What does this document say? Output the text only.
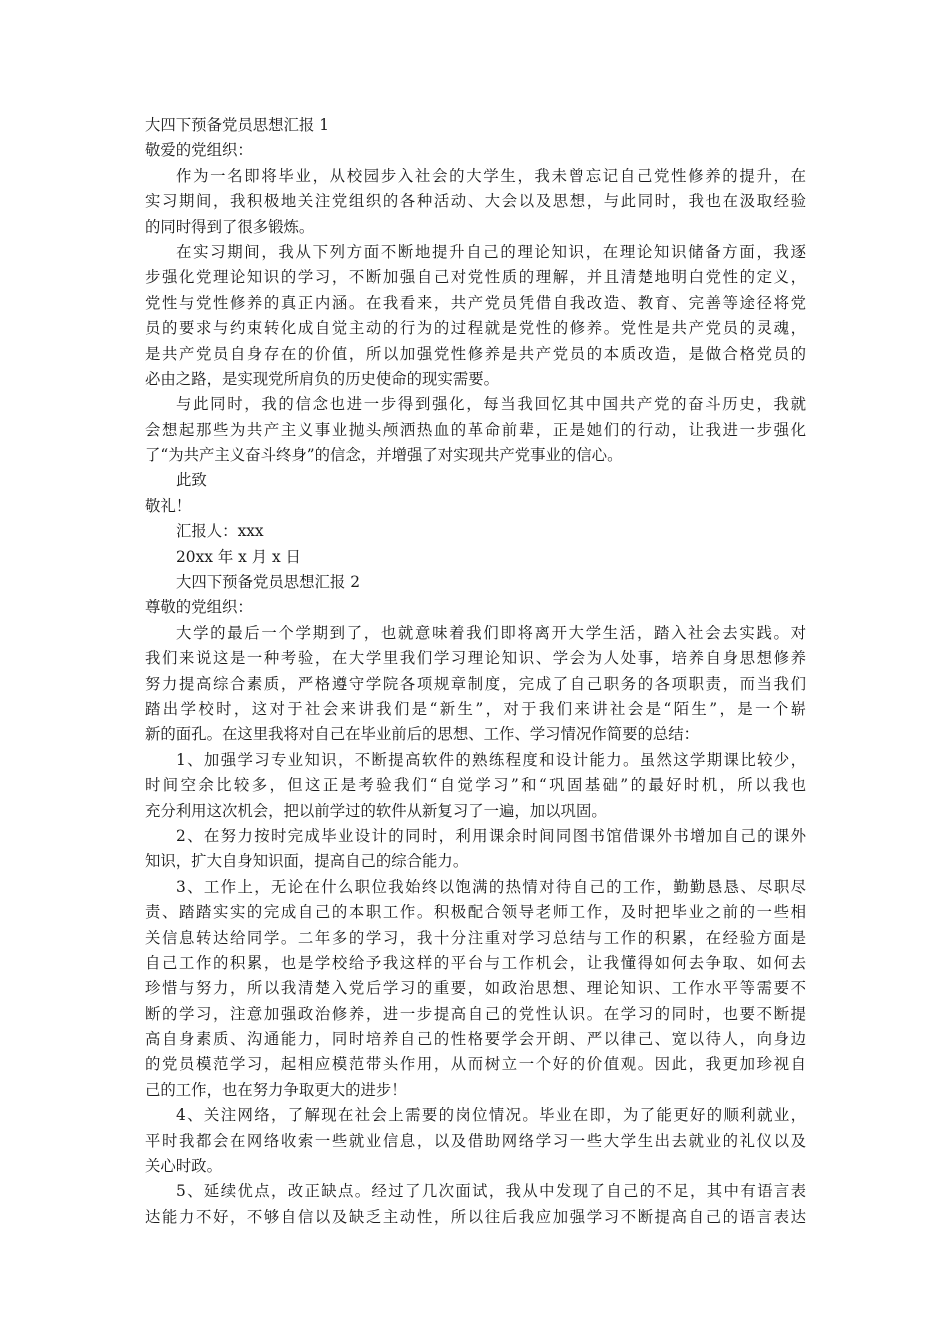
大四下预备党员思想汇报 1
敬爱的党组织：
作为一名即将毕业，从校园步入社会的大学生，我未曾忘记自己党性修养的提升，在
实习期间，我积极地关注党组织的各种活动、大会以及思想，与此同时，我也在汲取经验
的同时得到了很多锻炼。
在实习期间，我从下列方面不断地提升自己的理论知识，在理论知识储备方面，我逐
步强化党理论知识的学习，不断加强自己对党性质的理解，并且清楚地明白党性的定义，
党性与党性修养的真正内涵。在我看来，共产党员凭借自我改造、教育、完善等途径将党
员的要求与约束转化成自觉主动的行为的过程就是党性的修养。党性是共产党员的灵魂，
是共产党员自身存在的价值，所以加强党性修养是共产党员的本质改造，是做合格党员的
必由之路，是实现党所肩负的历史使命的现实需要。
与此同时，我的信念也进一步得到强化，每当我回忆其中国共产党的奋斗历史，我就
会想起那些为共产主义事业抛头颅洒热血的革命前辈，正是她们的行动，让我进一步强化
了“为共产主义奋斗终身”的信念，并增强了对实现共产党事业的信心。
此致
敬礼！
汇报人：xxx
20xx 年 x 月 x 日
大四下预备党员思想汇报 2
尊敬的党组织：
大学的最后一个学期到了，也就意味着我们即将离开大学生活，踏入社会去实践。对
我们来说这是一种考验，在大学里我们学习理论知识、学会为人处事，培养自身思想修养
努力提高综合素质，严格遵守学院各项规章制度，完成了自己职务的各项职责，而当我们
踏出学校时，这对于社会来讲我们是“新生”，对于我们来讲社会是“陌生”，是一个崭
新的面孔。在这里我将对自己在毕业前后的思想、工作、学习情况作简要的总结：
1、加强学习专业知识，不断提高软件的熟练程度和设计能力。虽然这学期课比较少，
时间空余比较多，但这正是考验我们“自觉学习”和“巩固基础”的最好时机，所以我也
充分利用这次机会，把以前学过的软件从新复习了一遍，加以巩固。
2、在努力按时完成毕业设计的同时，利用课余时间同图书馆借课外书增加自己的课外
知识，扩大自身知识面，提高自己的综合能力。
3、工作上，无论在什么职位我始终以饱满的热情对待自己的工作，勤勤恳恳、尽职尽
责、踏踏实实的完成自己的本职工作。积极配合领导老师工作，及时把毕业之前的一些相
关信息转达给同学。二年多的学习，我十分注重对学习总结与工作的积累，在经验方面是
自己工作的积累，也是学校给予我这样的平台与工作机会，让我懂得如何去争取、如何去
珍惜与努力，所以我清楚入党后学习的重要，如政治思想、理论知识、工作水平等需要不
断的学习，注意加强政治修养，进一步提高自己的党性认识。在学习的同时，也要不断提
高自身素质、沟通能力，同时培养自己的性格要学会开朗、严以律己、宽以待人，向身边
的党员模范学习，起相应模范带头作用，从而树立一个好的价值观。因此，我更加珍视自
己的工作，也在努力争取更大的进步！
4、关注网络，了解现在社会上需要的岗位情况。毕业在即，为了能更好的顺利就业，
平时我都会在网络收索一些就业信息，以及借助网络学习一些大学生出去就业的礼仪以及
关心时政。
5、延续优点，改正缺点。经过了几次面试，我从中发现了自己的不足，其中有语言表
达能力不好，不够自信以及缺乏主动性，所以往后我应加强学习不断提高自己的语言表达
